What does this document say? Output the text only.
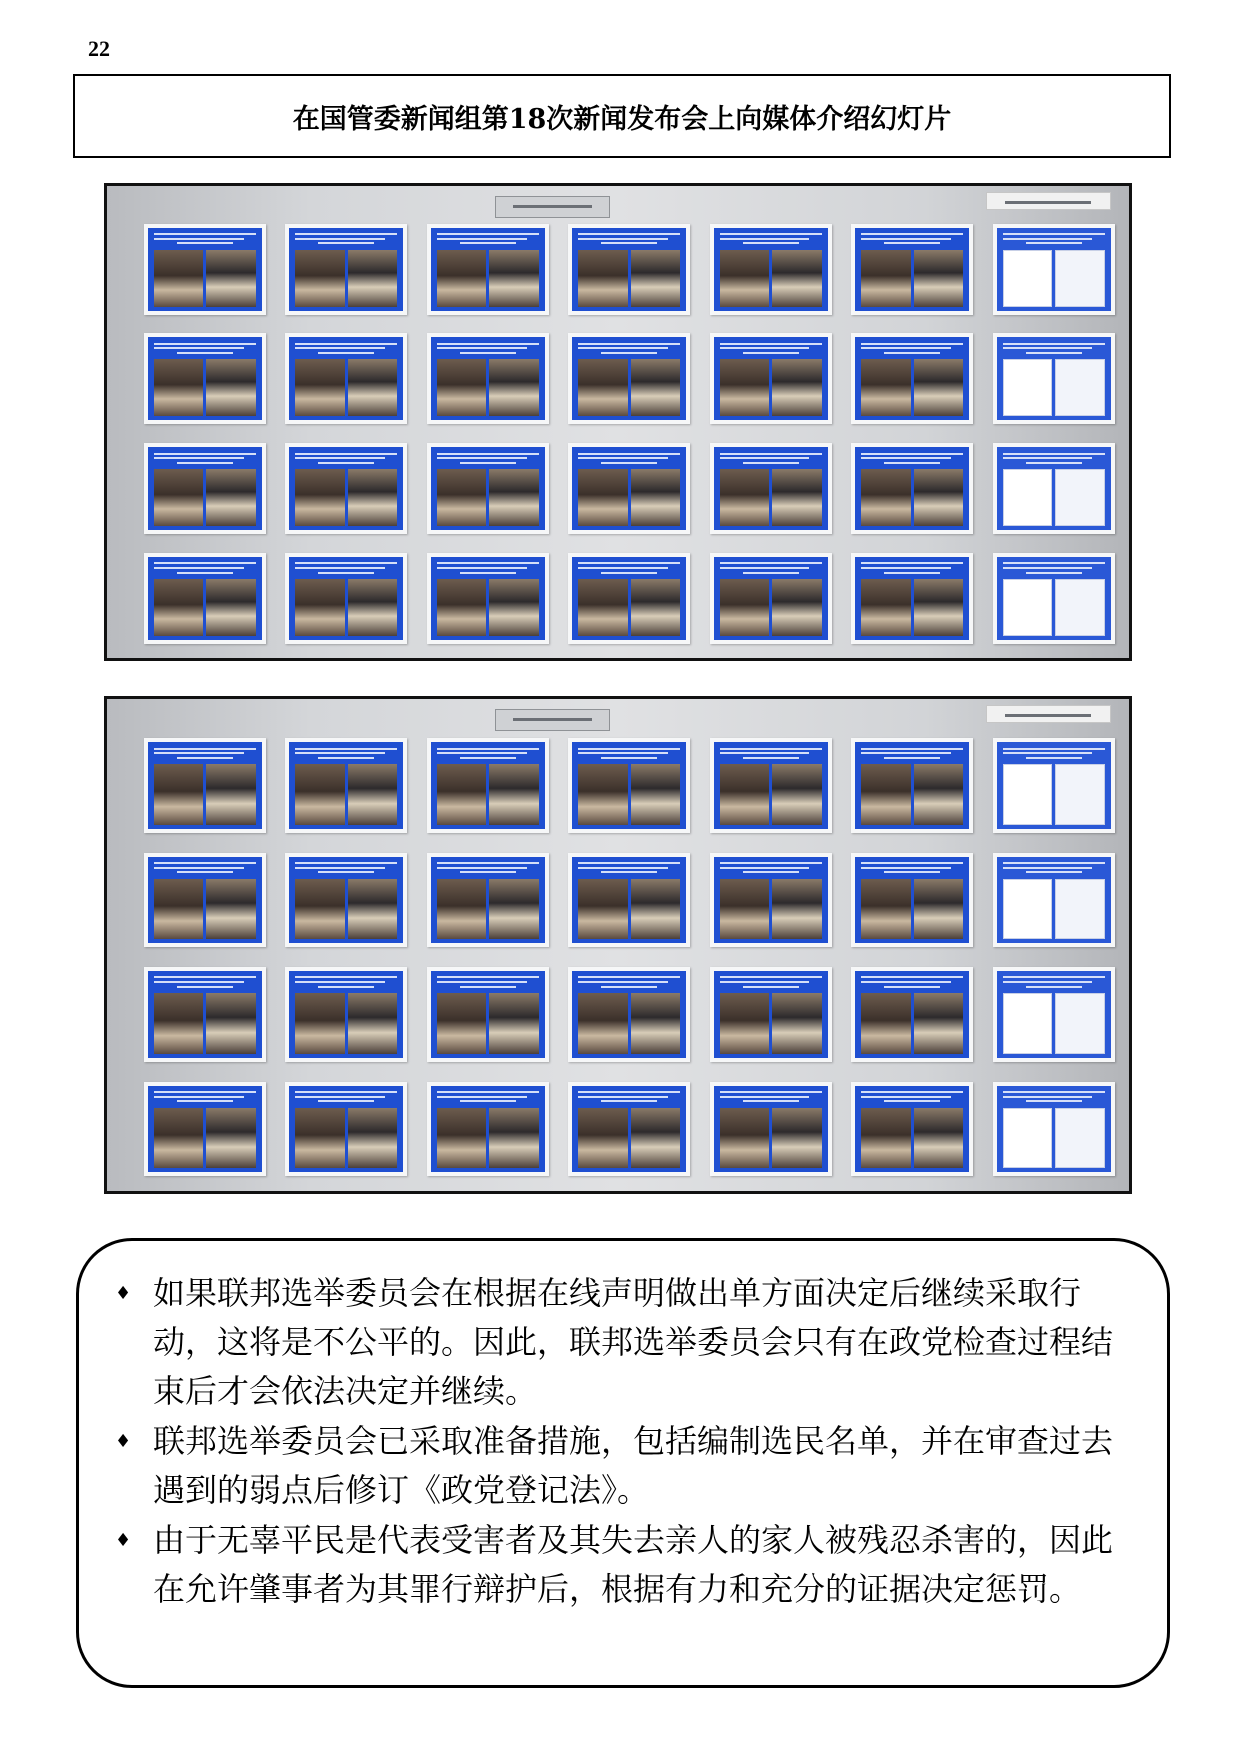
22
在国管委新闻组第18次新闻发布会上向媒体介绍幻灯片
♦ 如果联邦选举委员会在根据在线声明做出单方面决定后继续采取行动，这将是不公平的。因此，联邦选举委员会只有在政党检查过程结束后才会依法决定并继续。
♦ 联邦选举委员会已采取准备措施，包括编制选民名单，并在审查过去遇到的弱点后修订《政党登记法》。
♦ 由于无辜平民是代表受害者及其失去亲人的家人被残忍杀害的，因此在允许肇事者为其罪行辩护后，根据有力和充分的证据决定惩罚。
